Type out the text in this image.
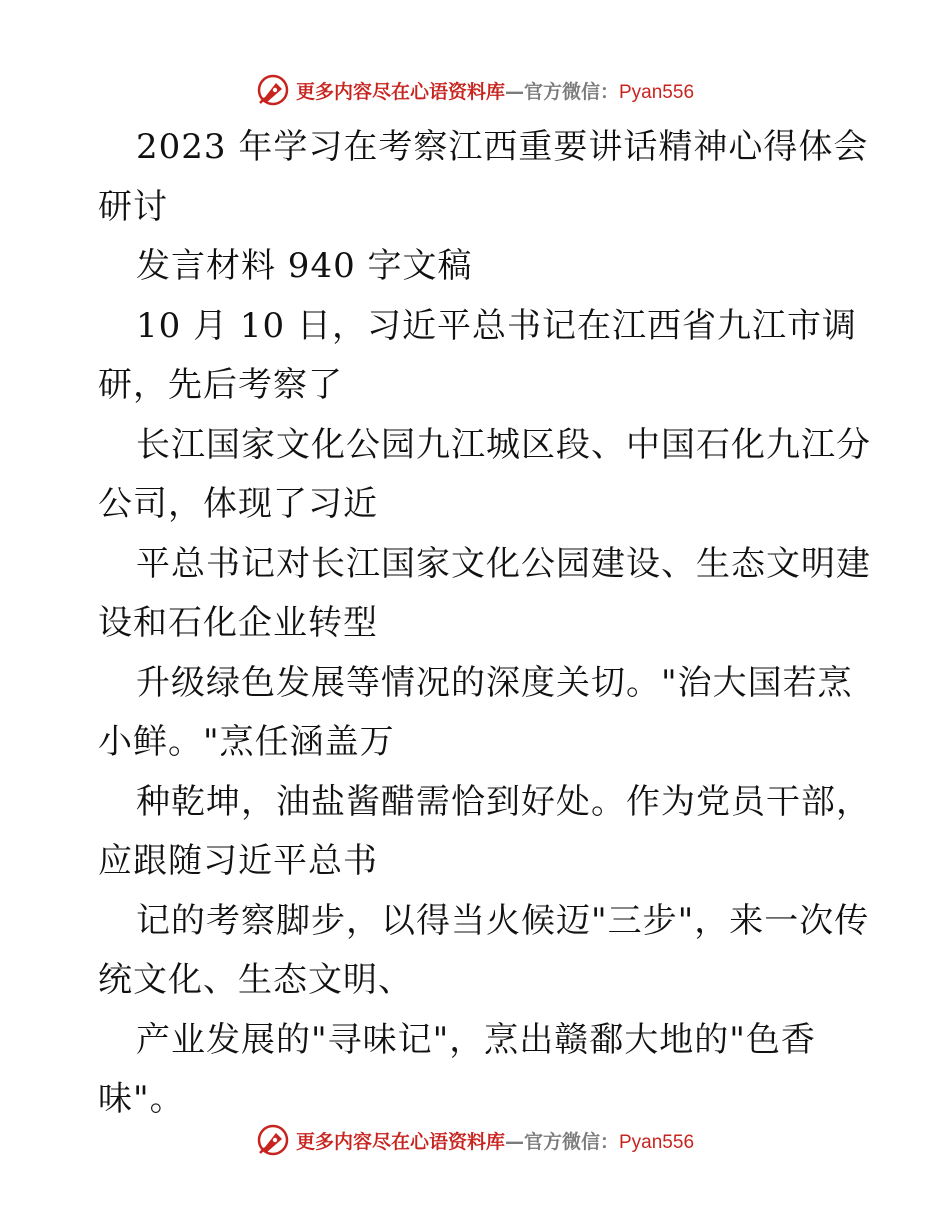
更多内容尽在心语资料库 — 官方微信： Pyan556
2023 年学习在考察江西重要讲话精神心得体会
研讨
发言材料 940 字文稿
10 月 10 日，习近平总书记在江西省九江市调
研，先后考察了
长江国家文化公园九江城区段、中国石化九江分
公司，体现了习近
平总书记对长江国家文化公园建设、生态文明建
设和石化企业转型
升级绿色发展等情况的深度关切。"治大国若烹
小鲜。"烹任涵盖万
种乾坤，油盐酱醋需恰到好处。作为党员干部，
应跟随习近平总书
记的考察脚步，以得当火候迈"三步"，来一次传
统文化、生态文明、
产业发展的"寻味记"，烹出赣鄱大地的"色香
味"。
更多内容尽在心语资料库 — 官方微信： Pyan556
